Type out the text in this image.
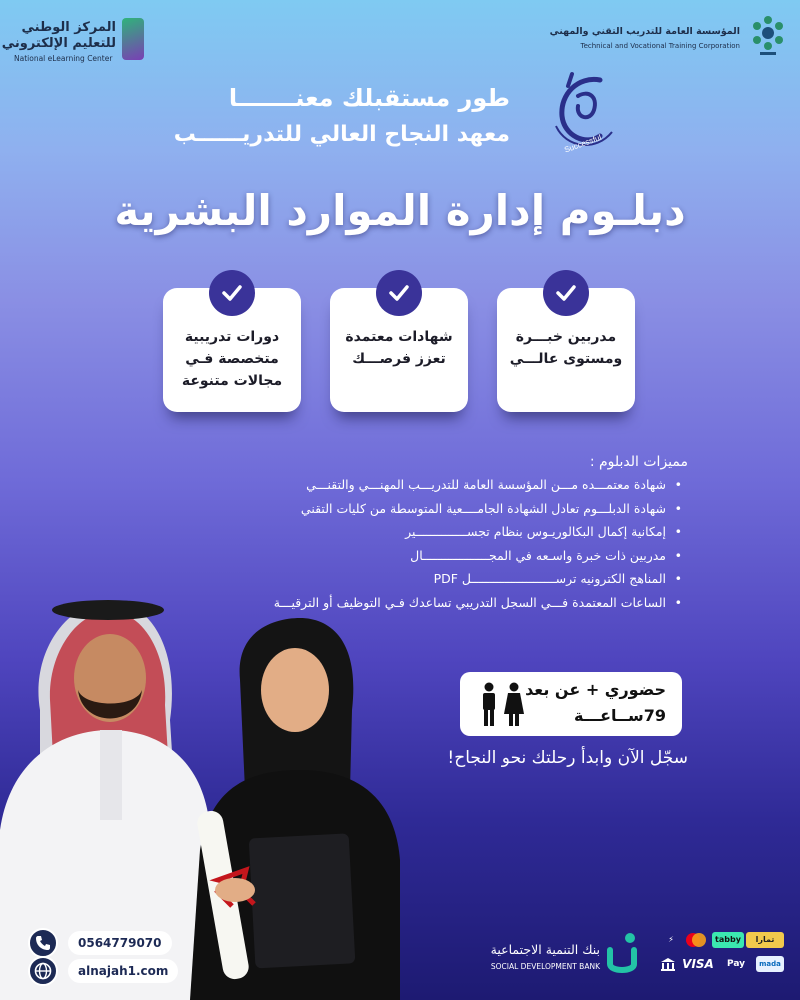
المركز الوطني
للتعليم الإلكتروني
National eLearning Center
المؤسسة العامة للتدريب التقني والمهني
Technical and Vocational Training Corporation
Successful
طور مستقبلك معنـــــــا
معهد النجاح العالي للتدريــــــب
دبلـوم إدارة الموارد البشرية
دورات تدريبية متخصصة فـي مجالات متنوعة
شهادات معتمدة تعزز فرصـــك
مدربين خبـــرة ومستوى عالـــي
مميزات الدبلوم :
• شهادة معتمـــده مـــن المؤسسة العامة للتدريـــب المهنـــي والتقنـــي
• شهادة الدبلـــوم تعادل الشهادة الجامــــعية المتوسطة من كليات التقني
• إمكانية إكمال البكالوريـوس بنظام تجســــــــــــــير
• مدربين ذات خبرة واسـعه في المجــــــــــــــــــال
• المناهج الكترونيه ترســـــــــــــــــــــــل PDF
• الساعات المعتمدة فـــي السجل التدريبي تساعدك فـي التوظيف أو الترقيـــة
حضوري + عن بعد
79ســاعـــة
سجّل الآن وابدأ رحلتك نحو النجاح!
0564779070
alnajah1.com
بنك التنمية الاجتماعية
SOCIAL DEVELOPMENT BANK
تمارا
tabby
⚡
mada
Pay
VISA
